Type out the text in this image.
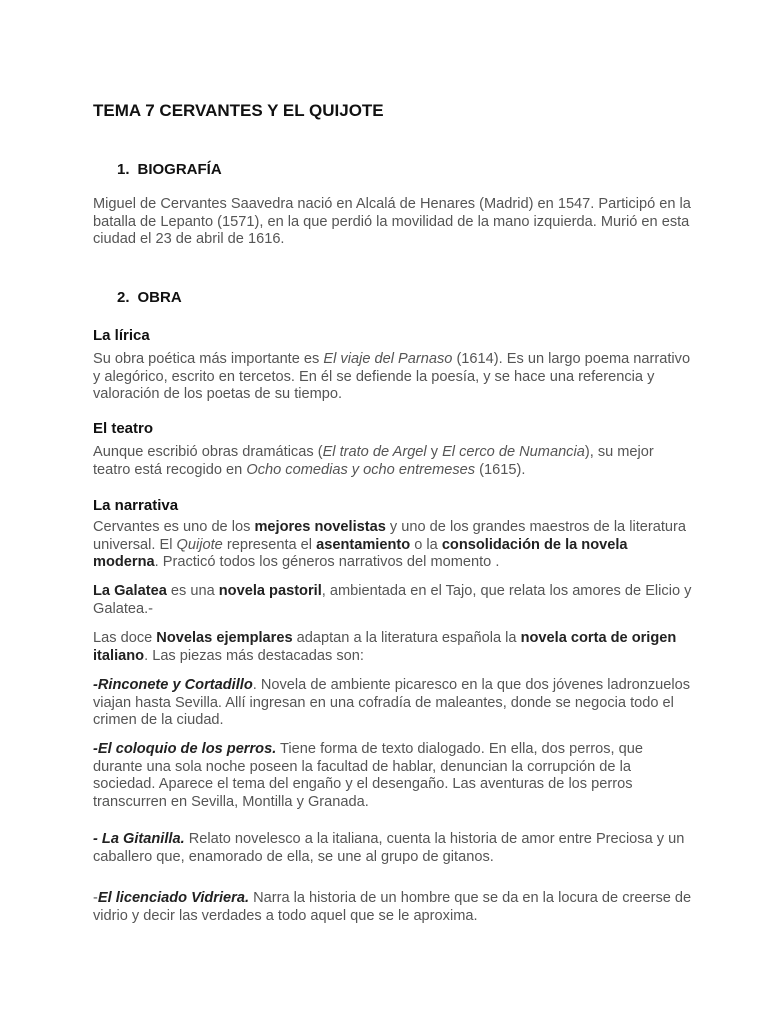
TEMA 7 CERVANTES Y EL QUIJOTE
1. BIOGRAFÍA

Miguel de Cervantes Saavedra nació en Alcalá de Henares (Madrid) en 1547. Participó en la batalla de Lepanto (1571), en la que perdió la movilidad de la mano izquierda. Murió en esta ciudad el 23 de abril de 1616.

2. OBRA
La lírica

Su obra poética más importante es El viaje del Parnaso (1614). Es un largo poema narrativo y alegórico, escrito en tercetos. En él se defiende la poesía, y se hace una referencia y valoración de los poetas de su tiempo.

El teatro

Aunque escribió obras dramáticas (El trato de Argel y El cerco de Numancia), su mejor teatro está recogido en Ocho comedias y ocho entremeses (1615).

La narrativa

Cervantes es uno de los mejores novelistas y uno de los grandes maestros de la literatura universal. El Quijote representa el asentamiento o la consolidación de la novela moderna. Practicó todos los géneros narrativos del momento .

La Galatea es una novela pastoril, ambientada en el Tajo, que relata los amores de Elicio y Galatea.-

Las doce Novelas ejemplares adaptan a la literatura española la novela corta de origen italiano. Las piezas más destacadas son:

-Rinconete y Cortadillo. Novela de ambiente picaresco en la que dos jóvenes ladronzuelos viajan hasta Sevilla. Allí ingresan en una cofradía de maleantes, donde se negocia todo el crimen de la ciudad.

-El coloquio de los perros. Tiene forma de texto dialogado. En ella, dos perros, que durante una sola noche poseen la facultad de hablar, denuncian la corrupción de la sociedad. Aparece el tema del engaño y el desengaño. Las aventuras de los perros transcurren en Sevilla, Montilla y Granada.

- La Gitanilla. Relato novelesco a la italiana, cuenta la historia de amor entre Preciosa y un caballero que, enamorado de ella, se une al grupo de gitanos.

-El licenciado Vidriera. Narra la historia de un hombre que se da en la locura de creerse de vidrio y decir las verdades a todo aquel que se le aproxima.
